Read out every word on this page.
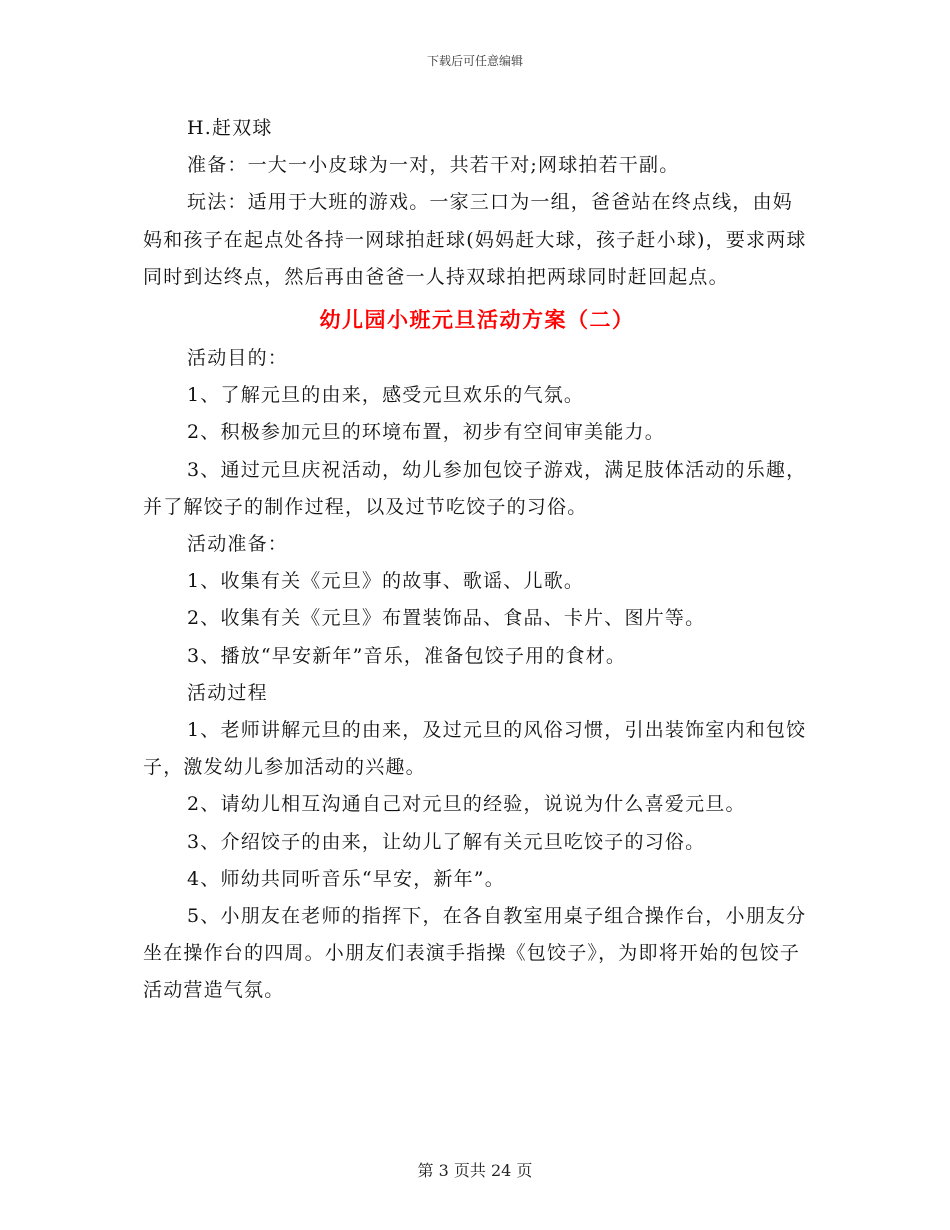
下载后可任意编辑

H.赶双球

准备：一大一小皮球为一对，共若干对;网球拍若干副。

玩法：适用于大班的游戏。一家三口为一组，爸爸站在终点线，由妈妈和孩子在起点处各持一网球拍赶球(妈妈赶大球，孩子赶小球)，要求两球同时到达终点，然后再由爸爸一人持双球拍把两球同时赶回起点。

幼儿园小班元旦活动方案（二）

活动目的：

1、了解元旦的由来，感受元旦欢乐的气氛。

2、积极参加元旦的环境布置，初步有空间审美能力。

3、通过元旦庆祝活动，幼儿参加包饺子游戏，满足肢体活动的乐趣，并了解饺子的制作过程，以及过节吃饺子的习俗。

活动准备：

1、收集有关《元旦》的故事、歌谣、儿歌。

2、收集有关《元旦》布置装饰品、食品、卡片、图片等。

3、播放“早安新年”音乐，准备包饺子用的食材。

活动过程

1、老师讲解元旦的由来，及过元旦的风俗习惯，引出装饰室内和包饺子，激发幼儿参加活动的兴趣。

2、请幼儿相互沟通自己对元旦的经验，说说为什么喜爱元旦。

3、介绍饺子的由来，让幼儿了解有关元旦吃饺子的习俗。

4、师幼共同听音乐“早安，新年”。

5、小朋友在老师的指挥下，在各自教室用桌子组合操作台，小朋友分坐在操作台的四周。小朋友们表演手指操《包饺子》，为即将开始的包饺子活动营造气氛。

第 3 页共 24 页
